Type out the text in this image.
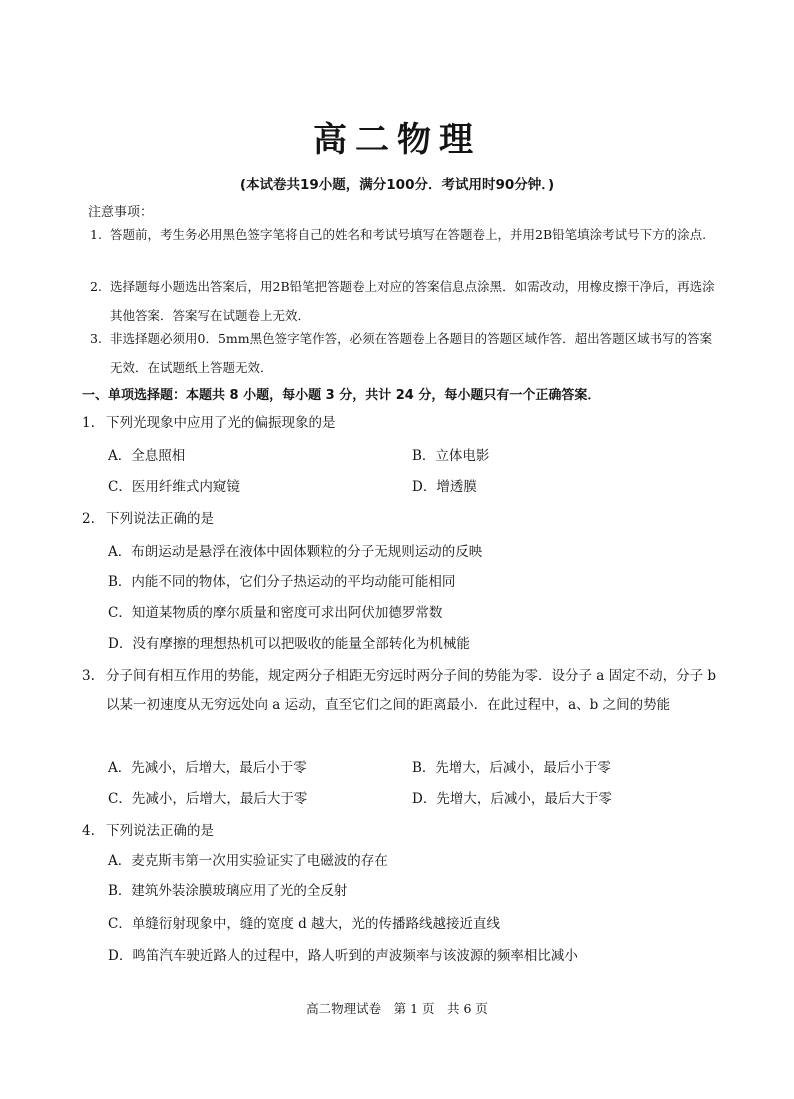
高二物理
(本试卷共19小题，满分100分．考试用时90分钟．)
注意事项：
1. 答题前，考生务必用黑色签字笔将自己的姓名和考试号填写在答题卷上，并用2B铅笔填涂考试号下方的涂点.
2. 选择题每小题选出答案后，用2B铅笔把答题卷上对应的答案信息点涂黑．如需改动，用橡皮擦干净后，再选涂其他答案．答案写在试题卷上无效．
3. 非选择题必须用0．5mm黑色签字笔作答，必须在答题卷上各题目的答题区域作答．超出答题区域书写的答案无效．在试题纸上答题无效．
一、单项选择题：本题共 8 小题，每小题 3 分，共计 24 分，每小题只有一个正确答案．
1. 下列光现象中应用了光的偏振现象的是
A．全息照相	B．立体电影
C．医用纤维式内窥镜	D．增透膜
2. 下列说法正确的是
A．布朗运动是悬浮在液体中固体颗粒的分子无规则运动的反映
B．内能不同的物体，它们分子热运动的平均动能可能相同
C．知道某物质的摩尔质量和密度可求出阿伏加德罗常数
D．没有摩擦的理想热机可以把吸收的能量全部转化为机械能
3. 分子间有相互作用的势能，规定两分子相距无穷远时两分子间的势能为零．设分子 a 固定不动，分子 b 以某一初速度从无穷远处向 a 运动，直至它们之间的距离最小．在此过程中，a、b 之间的势能
A．先减小，后增大，最后小于零	B．先增大，后减小，最后小于零
C．先减小，后增大，最后大于零	D．先增大，后减小，最后大于零
4. 下列说法正确的是
A．麦克斯韦第一次用实验证实了电磁波的存在
B．建筑外装涂膜玻璃应用了光的全反射
C．单缝衍射现象中，缝的宽度 d 越大，光的传播路线越接近直线
D．鸣笛汽车驶近路人的过程中，路人听到的声波频率与该波源的频率相比减小
高二物理试卷　第 1 页　共 6 页
